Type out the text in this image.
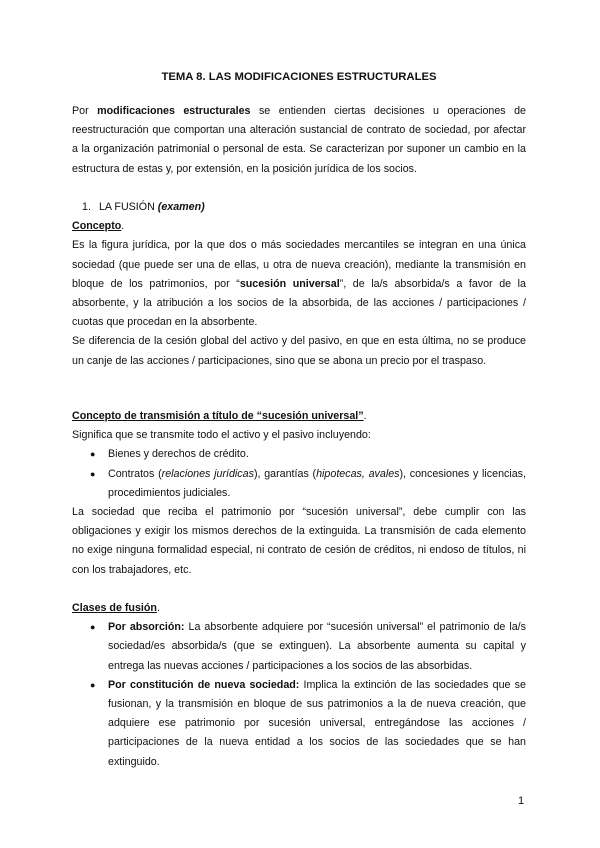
TEMA 8. LAS MODIFICACIONES ESTRUCTURALES

Por modificaciones estructurales se entienden ciertas decisiones u operaciones de reestructuración que comportan una alteración sustancial de contrato de sociedad, por afectar a la organización patrimonial o personal de esta. Se caracterizan por suponer un cambio en la estructura de estas y, por extensión, en la posición jurídica de los socios.

1. LA FUSIÓN (examen)
Concepto.

Es la figura jurídica, por la que dos o más sociedades mercantiles se integran en una única sociedad (que puede ser una de ellas, u otra de nueva creación), mediante la transmisión en bloque de los patrimonios, por “sucesión universal”, de la/s absorbida/s a favor de la absorbente, y la atribución a los socios de la absorbida, de las acciones / participaciones / cuotas que procedan en la absorbente.

Se diferencia de la cesión global del activo y del pasivo, en que en esta última, no se produce un canje de las acciones / participaciones, sino que se abona un precio por el traspaso.

Concepto de transmisión a título de “sucesión universal”.
Significa que se transmite todo el activo y el pasivo incluyendo:
● Bienes y derechos de crédito.
● Contratos (relaciones jurídicas), garantías (hipotecas, avales), concesiones y licencias, procedimientos judiciales.

La sociedad que reciba el patrimonio por “sucesión universal”, debe cumplir con las obligaciones y exigir los mismos derechos de la extinguida. La transmisión de cada elemento no exige ninguna formalidad especial, ni contrato de cesión de créditos, ni endoso de títulos, ni con los trabajadores, etc.

Clases de fusión.
● Por absorción: La absorbente adquiere por “sucesión universal” el patrimonio de la/s sociedad/es absorbida/s (que se extinguen). La absorbente aumenta su capital y entrega las nuevas acciones / participaciones a los socios de las absorbidas.
● Por constitución de nueva sociedad: Implica la extinción de las sociedades que se fusionan, y la transmisión en bloque de sus patrimonios a la de nueva creación, que adquiere ese patrimonio por sucesión universal, entregándose las acciones / participaciones de la nueva entidad a los socios de las sociedades que se han extinguido.
1
